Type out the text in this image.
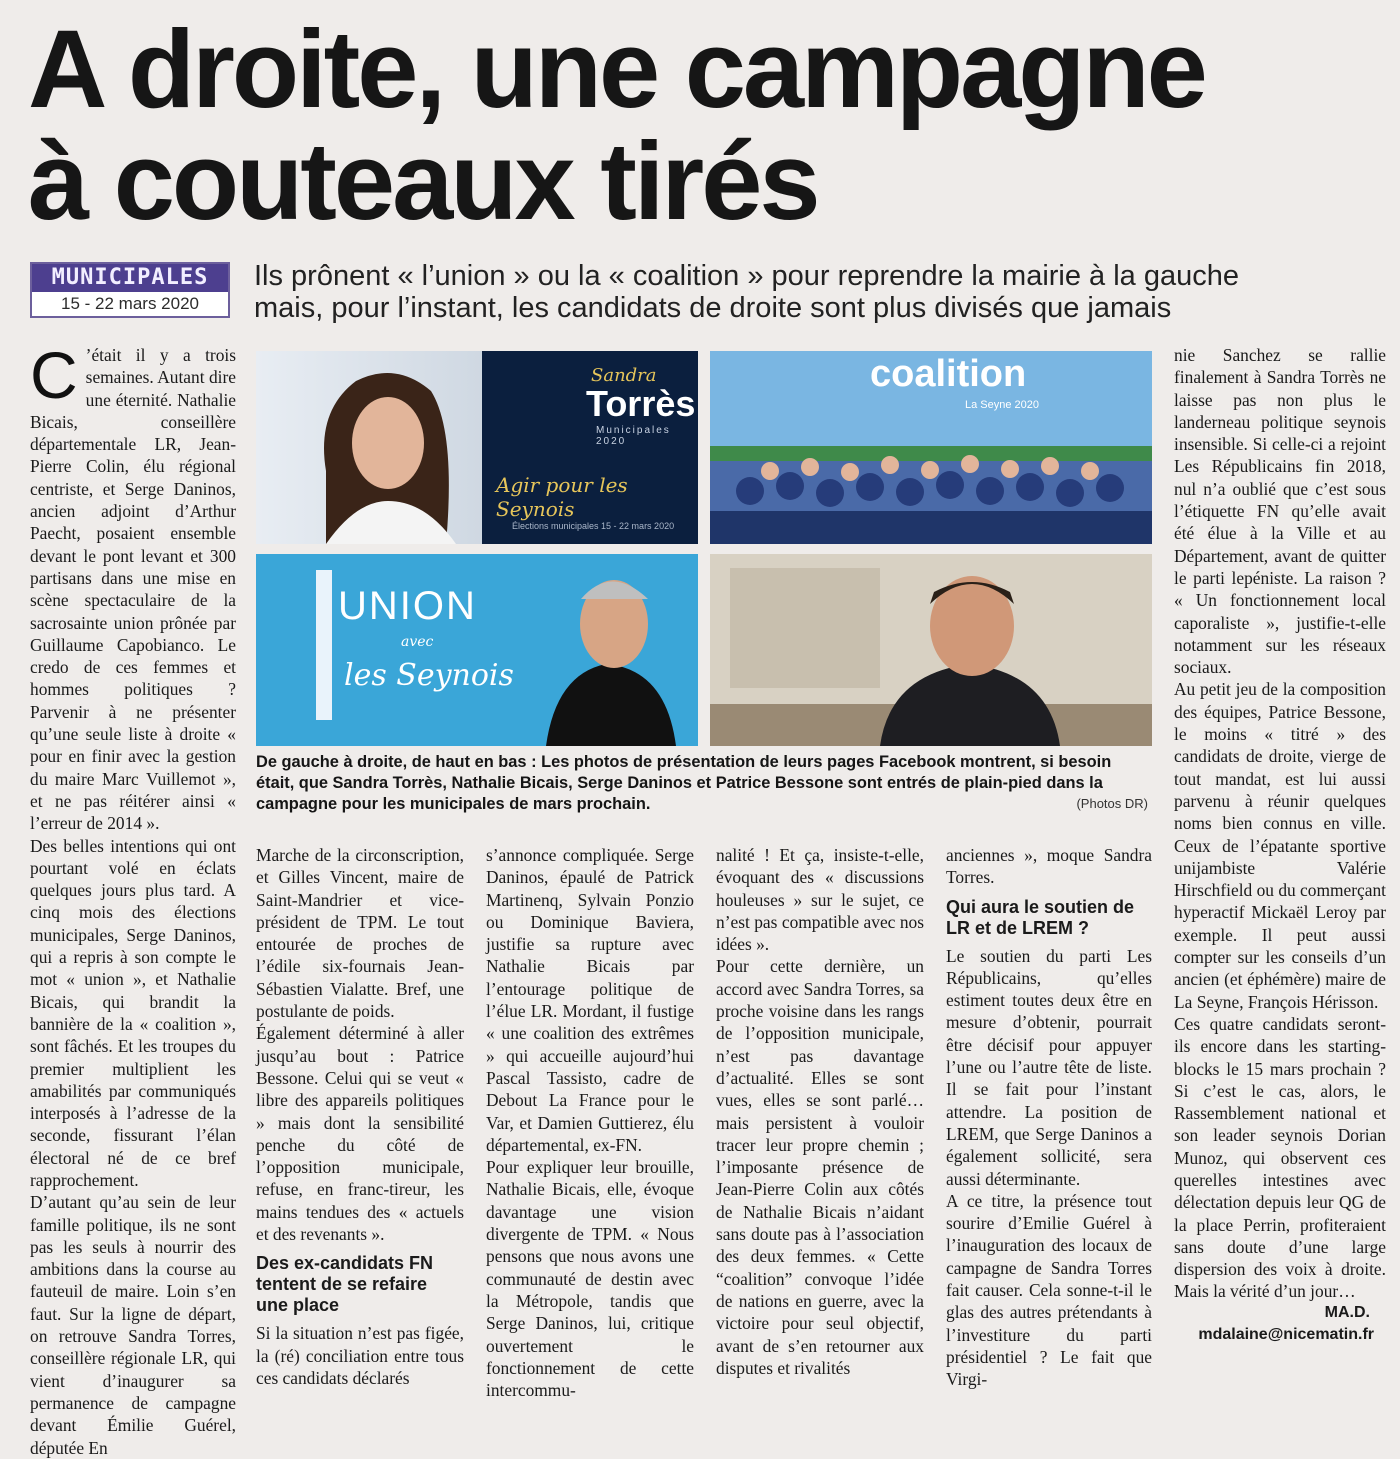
A droite, une campagne
à couteaux tirés
MUNICIPALES
15 - 22 mars 2020

Ils prônent « l’union » ou la « coalition » pour reprendre la mairie à la gauche
mais, pour l’instant, les candidats de droite sont plus divisés que jamais

Sandra
Torrès
Municipales 2020
Agir pour les Seynois
Élections municipales 15 - 22 mars 2020
coalition
La Seyne 2020
UNION
avec
les Seynois
De gauche à droite, de haut en bas : Les photos de présentation de leurs pages Facebook montrent, si besoin était, que Sandra Torrès, Nathalie Bicais, Serge Daninos et Patrice Bessone sont entrés de plain-pied dans la campagne pour les municipales de mars prochain.	(Photos DR)

C ’était il y a trois semaines. Autant dire une éternité. Nathalie Bicais, conseillère départementale LR, Jean-Pierre Colin, élu régional centriste, et Serge Daninos, ancien adjoint d’Arthur Paecht, posaient ensemble devant le pont levant et 300 partisans dans une mise en scène spectaculaire de la sacrosainte union prônée par Guillaume Capobianco. Le credo de ces femmes et hommes politiques ? Parvenir à ne présenter qu’une seule liste à droite « pour en finir avec la gestion du maire Marc Vuillemot », et ne pas réitérer ainsi « l’erreur de 2014 ».

Des belles intentions qui ont pourtant volé en éclats quelques jours plus tard. A cinq mois des élections municipales, Serge Daninos, qui a repris à son compte le mot « union », et Nathalie Bicais, qui brandit la bannière de la « coalition », sont fâchés. Et les troupes du premier multiplient les amabilités par communiqués interposés à l’adresse de la seconde, fissurant l’élan électoral né de ce bref rapprochement.

D’autant qu’au sein de leur famille politique, ils ne sont pas les seuls à nourrir des ambitions dans la course au fauteuil de maire. Loin s’en faut. Sur la ligne de départ, on retrouve Sandra Torres, conseillère régionale LR, qui vient d’inaugurer sa permanence de campagne devant Émilie Guérel, députée En

Marche de la circonscription, et Gilles Vincent, maire de Saint-Mandrier et vice-président de TPM. Le tout entourée de proches de l’édile six-fournais Jean-Sébastien Vialatte. Bref, une postulante de poids.

Également déterminé à aller jusqu’au bout : Patrice Bessone. Celui qui se veut « libre des appareils politiques » mais dont la sensibilité penche du côté de l’opposition municipale, refuse, en franc-tireur, les mains tendues des « actuels et des revenants ».

Des ex-candidats FN tentent de se refaire une place

Si la situation n’est pas figée, la (ré) conciliation entre tous ces candidats déclarés

s’annonce compliquée. Serge Daninos, épaulé de Patrick Martinenq, Sylvain Ponzio ou Dominique Baviera, justifie sa rupture avec Nathalie Bicais par l’entourage politique de l’élue LR. Mordant, il fustige « une coalition des extrêmes » qui accueille aujourd’hui Pascal Tassisto, cadre de Debout La France pour le Var, et Damien Guttierez, élu départemental, ex-FN.

Pour expliquer leur brouille, Nathalie Bicais, elle, évoque davantage une vision divergente de TPM. « Nous pensons que nous avons une communauté de destin avec la Métropole, tandis que Serge Daninos, lui, critique ouvertement le fonctionnement de cette intercommu-

nalité ! Et ça, insiste-t-elle, évoquant des « discussions houleuses » sur le sujet, ce n’est pas compatible avec nos idées ».

Pour cette dernière, un accord avec Sandra Torres, sa proche voisine dans les rangs de l’opposition municipale, n’est pas davantage d’actualité. Elles se sont vues, elles se sont parlé… mais persistent à vouloir tracer leur propre chemin ; l’imposante présence de Jean-Pierre Colin aux côtés de Nathalie Bicais n’aidant sans doute pas à l’association des deux femmes. « Cette “coalition” convoque l’idée de nations en guerre, avec la victoire pour seul objectif, avant de s’en retourner aux disputes et rivalités

anciennes », moque Sandra Torres.

Qui aura le soutien de LR et de LREM ?

Le soutien du parti Les Républicains, qu’elles estiment toutes deux être en mesure d’obtenir, pourrait être décisif pour appuyer l’une ou l’autre tête de liste. Il se fait pour l’instant attendre. La position de LREM, que Serge Daninos a également sollicité, sera aussi déterminante.

A ce titre, la présence tout sourire d’Emilie Guérel à l’inauguration des locaux de campagne de Sandra Torres fait causer. Cela sonne-t-il le glas des autres prétendants à l’investiture du parti présidentiel ? Le fait que Virgi-

nie Sanchez se rallie finalement à Sandra Torrès ne laisse pas non plus le landerneau politique seynois insensible. Si celle-ci a rejoint Les Républicains fin 2018, nul n’a oublié que c’est sous l’étiquette FN qu’elle avait été élue à la Ville et au Département, avant de quitter le parti lepéniste. La raison ? « Un fonctionnement local caporaliste », justifie-t-elle notamment sur les réseaux sociaux.

Au petit jeu de la composition des équipes, Patrice Bessone, le moins « titré » des candidats de droite, vierge de tout mandat, est lui aussi parvenu à réunir quelques noms bien connus en ville. Ceux de l’épatante sportive unijambiste Valérie Hirschfield ou du commerçant hyperactif Mickaël Leroy par exemple. Il peut aussi compter sur les conseils d’un ancien (et éphémère) maire de La Seyne, François Hérisson.

Ces quatre candidats seront-ils encore dans les starting-blocks le 15 mars prochain ? Si c’est le cas, alors, le Rassemblement national et son leader seynois Dorian Munoz, qui observent ces querelles intestines avec délectation depuis leur QG de la place Perrin, profiteraient sans doute d’une large dispersion des voix à droite. Mais la vérité d’un jour…

MA.D.
mdalaine@nicematin.fr
